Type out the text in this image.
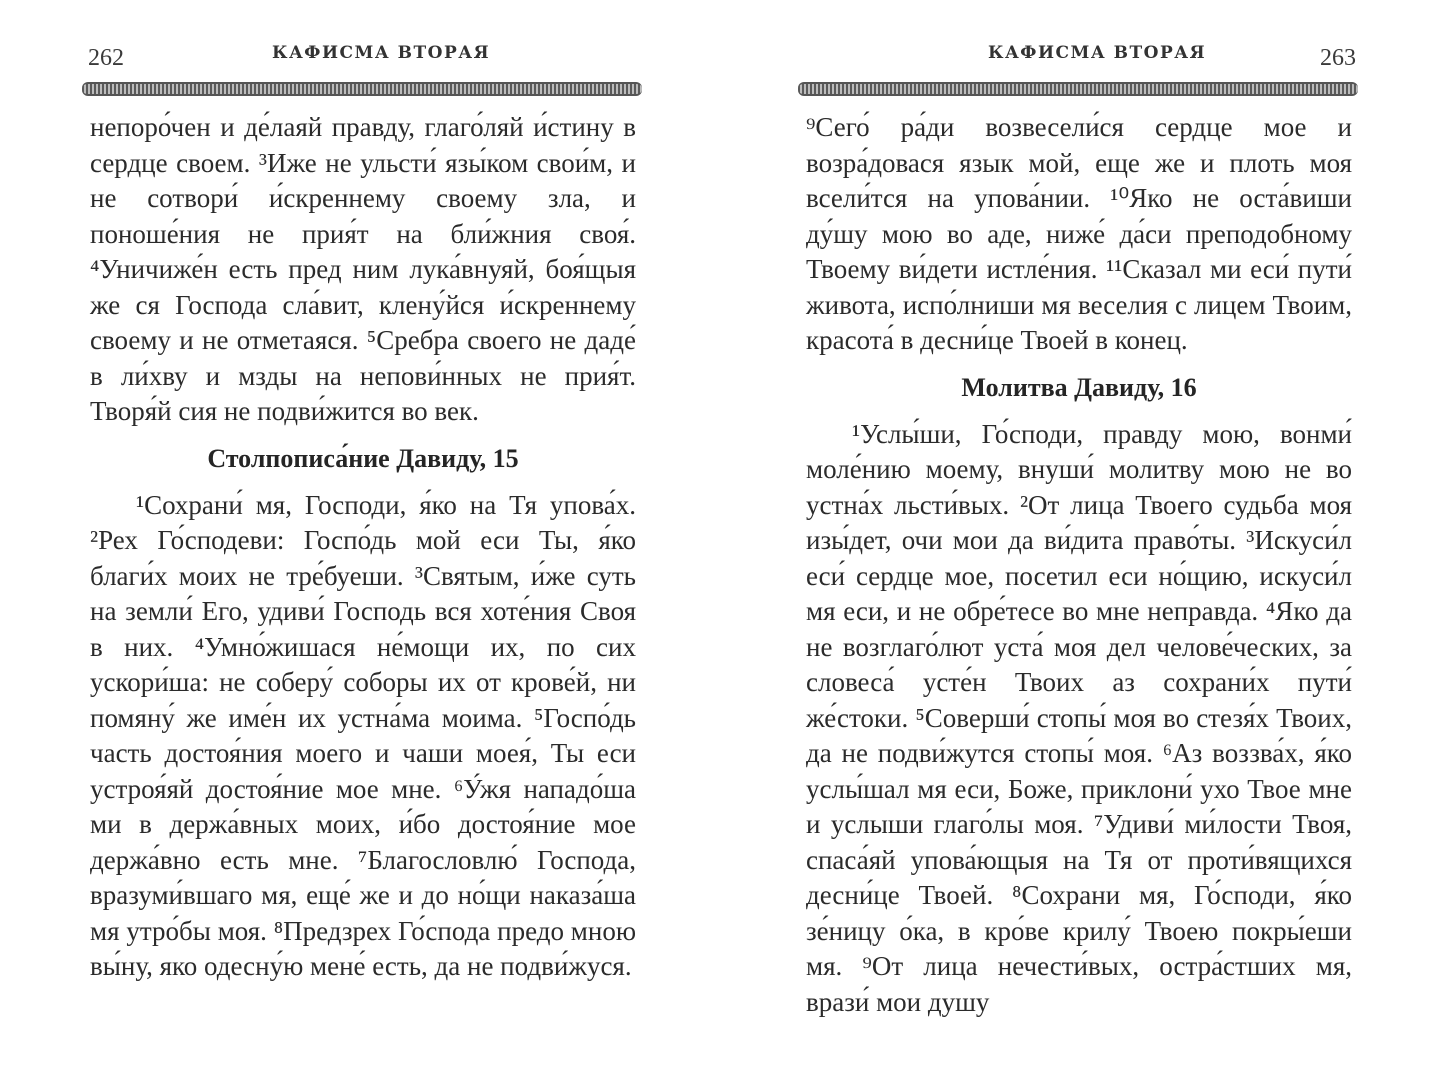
262	КАФИСМА ВТОРАЯ

непоро́чен и де́лаяй правду, глаго́ляй и́стину в сердце своем. ³Иже не ульсти́ язы́ком свои́м, и не сотвори́ и́скреннему своему зла, и поноше́ния не прия́т на бли́жния своя́. ⁴Уничиже́н есть пред ним лука́внуяй, боя́щыя же ся Господа сла́вит, клену́йся и́скреннему своему и не отметаяся. ⁵Сребра своего не даде́ в ли́хву и мзды на непови́нных не прия́т. Творя́й сия не подви́жится во век.

Столпописа́ние Давиду, 15

¹Сохрани́ мя, Господи, я́ко на Тя упова́х. ²Рех Го́сподеви: Госпо́дь мой еси Ты, я́ко благи́х моих не тре́буеши. ³Святым, и́же суть на земли́ Его, удиви́ Господь вся хоте́ния Своя в них. ⁴Умно́жишася не́мощи их, по сих ускори́ша: не соберу́ соборы их от крове́й, ни помяну́ же име́н их устна́ма моима. ⁵Госпо́дь часть достоя́ния моего и чаши моея́, Ты еси устроя́яй достоя́ние мое мне. ⁶У́жя нападо́ша ми в держа́вных моих, и́бо достоя́ние мое держа́вно есть мне. ⁷Благословлю́ Господа, вразуми́вшаго мя, еще́ же и до но́щи наказа́ша мя утро́бы моя. ⁸Предзрех Го́спода предо мною вы́ну, яко одесну́ю мене́ есть, да не подви́жуся.

КАФИСМА ВТОРАЯ	263

⁹Сего́ ра́ди возвесели́ся сердце мое и возра́довася язык мой, еще же и плоть моя всели́тся на упова́нии. ¹⁰Яко не оста́виши ду́шу мою во аде, ниже́ да́си преподобному Твоему ви́дети истле́ния. ¹¹Сказал ми еси́ пути́ живота, испо́лниши мя веселия с лицем Твоим, красота́ в десни́це Твоей в конец.

Молитва Давиду, 16

¹Услы́ши, Го́споди, правду мою, вонми́ моле́нию моему, внуши́ молитву мою не во устна́х льсти́вых. ²От лица Твоего судьба моя изы́дет, очи мои да ви́дита право́ты. ³Искуси́л еси́ сердце мое, посетил еси но́щию, искуси́л мя еси, и не обре́тесе во мне неправда. ⁴Яко да не возглаго́лют уста́ моя дел челове́ческих, за словеса́ усте́н Твоих аз сохрани́х пути́ же́стоки. ⁵Соверши́ стопы́ моя во стезя́х Твоих, да не подви́жутся стопы́ моя. ⁶Аз воззва́х, я́ко услы́шал мя еси, Боже, приклони́ ухо Твое мне и услыши глаго́лы моя. ⁷Удиви́ ми́лости Твоя, спаса́яй упова́ющыя на Тя от проти́вящихся десни́це Твоей. ⁸Сохрани мя, Го́споди, я́ко зе́ницу о́ка, в кро́ве крилу́ Твоею покры́еши мя. ⁹От лица нечести́вых, остра́стших мя, врази́ мои душу
